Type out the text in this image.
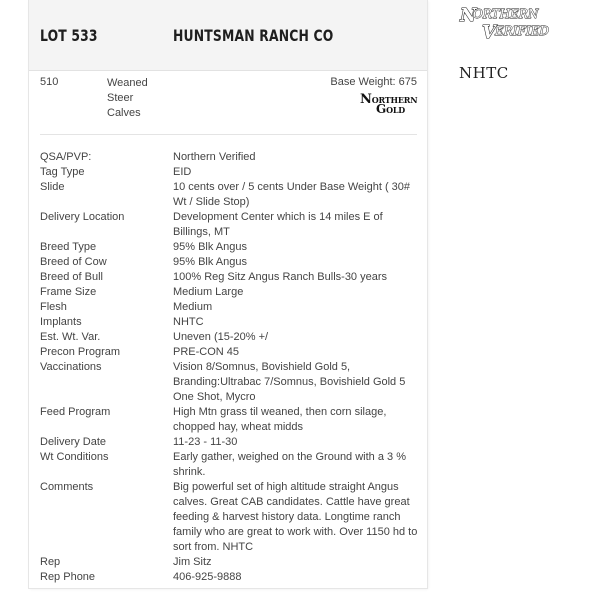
LOT 533	HUNTSMAN RANCH CO
510	Weaned
Steer
Calves
Base Weight: 675
NORTHERN
GOLD
QSA/PVP:	Northern Verified
Tag Type	EID
Slide	10 cents over / 5 cents Under Base Weight ( 30# Wt / Slide Stop)
Delivery Location	Development Center which is 14 miles E of Billings, MT
Breed Type	95% Blk Angus
Breed of Cow	95% Blk Angus
Breed of Bull	100% Reg Sitz Angus Ranch Bulls-30 years
Frame Size	Medium Large
Flesh	Medium
Implants	NHTC
Est. Wt. Var.	Uneven (15-20% +/
Precon Program	PRE-CON 45
Vaccinations	Vision 8/Somnus, Bovishield Gold 5, Branding:Ultrabac 7/Somnus, Bovishield Gold 5 One Shot, Mycro
Feed Program	High Mtn grass til weaned, then corn silage, chopped hay, wheat midds
Delivery Date	11-23 - 11-30
Wt Conditions	Early gather, weighed on the Ground with a 3 % shrink.
Comments	Big powerful set of high altitude straight Angus calves. Great CAB candidates. Cattle have great feeding & harvest history data. Longtime ranch family who are great to work with. Over 1150 hd to sort from. NHTC
Rep	Jim Sitz
Rep Phone	406-925-9888
N
ORTHERN
V ERIFIED
NHTC
